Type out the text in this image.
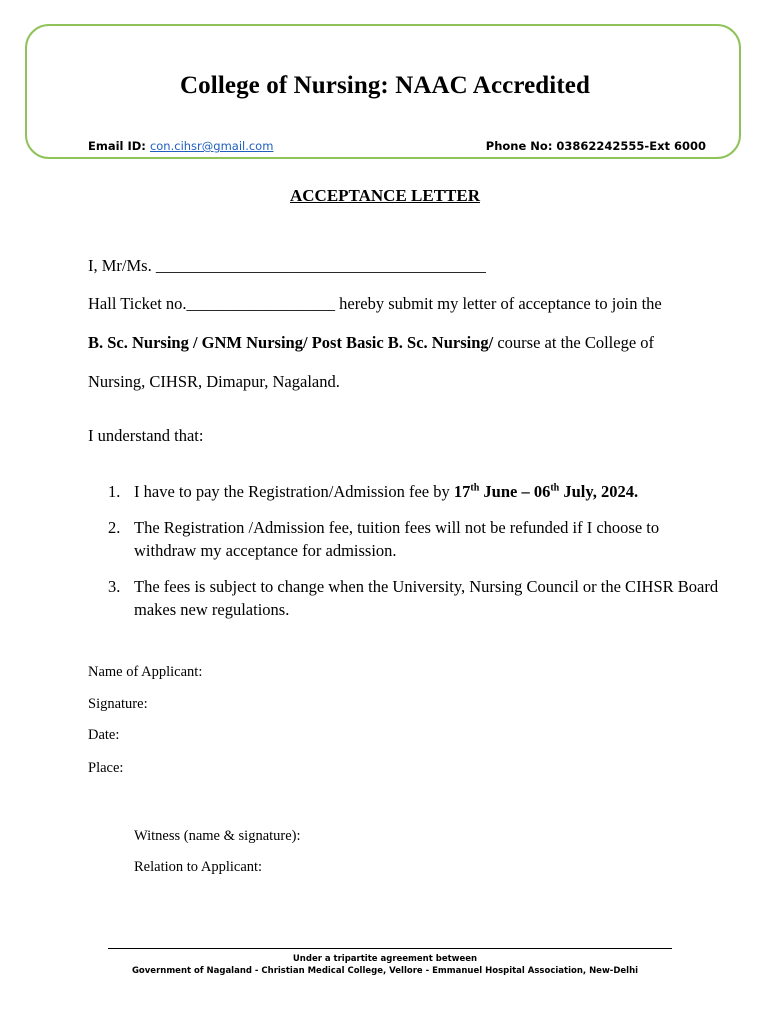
College of Nursing: NAAC Accredited
Email ID: con.cihsr@gmail.com	Phone No: 03862242555-Ext 6000
ACCEPTANCE LETTER
I, Mr/Ms. ________________________________________
Hall Ticket no.__________________ hereby submit my letter of acceptance to join the
B. Sc. Nursing / GNM Nursing/ Post Basic B. Sc. Nursing/ course at the College of
Nursing, CIHSR, Dimapur, Nagaland.
I understand that:
1. I have to pay the Registration/Admission fee by 17th June – 06th July, 2024.
2. The Registration /Admission fee, tuition fees will not be refunded if I choose to withdraw my acceptance for admission.
3. The fees is subject to change when the University, Nursing Council or the CIHSR Board makes new regulations.
Name of Applicant:
Signature:
Date:
Place:
Witness (name & signature):
Relation to Applicant:
Under a tripartite agreement between
Government of Nagaland - Christian Medical College, Vellore - Emmanuel Hospital Association, New-Delhi
